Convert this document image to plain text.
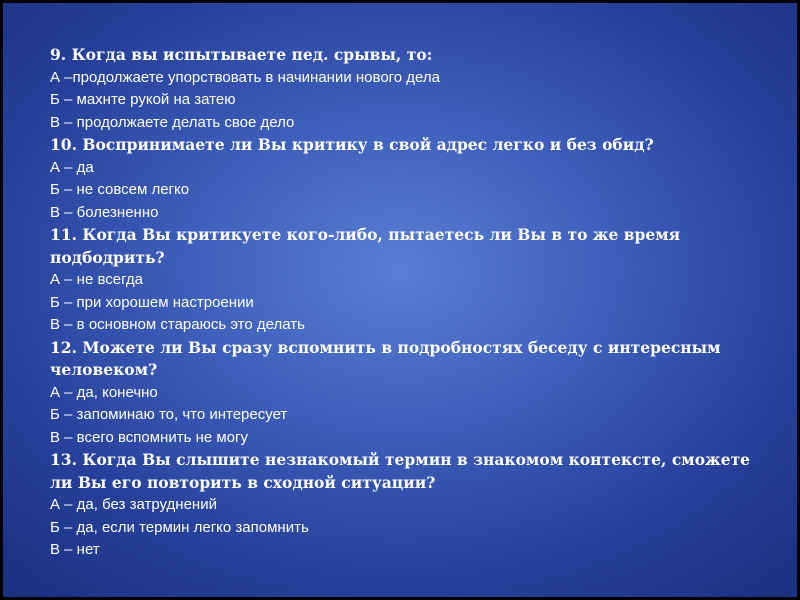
9. Когда вы испытываете пед. срывы, то:

А –продолжаете упорствовать в начинании нового дела

Б – махнте рукой на затею

В – продолжаете делать свое дело

10. Воспринимаете ли Вы критику в свой адрес легко и без обид?

А – да

Б – не совсем легко

В – болезненно

11. Когда Вы критикуете кого-либо, пытаетесь ли Вы в то же время подбодрить?

А – не всегда

Б – при хорошем настроении

В – в основном стараюсь это делать

12. Можете ли Вы сразу вспомнить в подробностях беседу с интересным человеком?

А – да, конечно

Б – запоминаю то, что интересует

В – всего вспомнить не могу

13. Когда Вы слышите незнакомый термин в знакомом контексте, сможете ли Вы его повторить в сходной ситуации?

А – да, без затруднений

Б – да, если термин легко запомнить

В – нет
